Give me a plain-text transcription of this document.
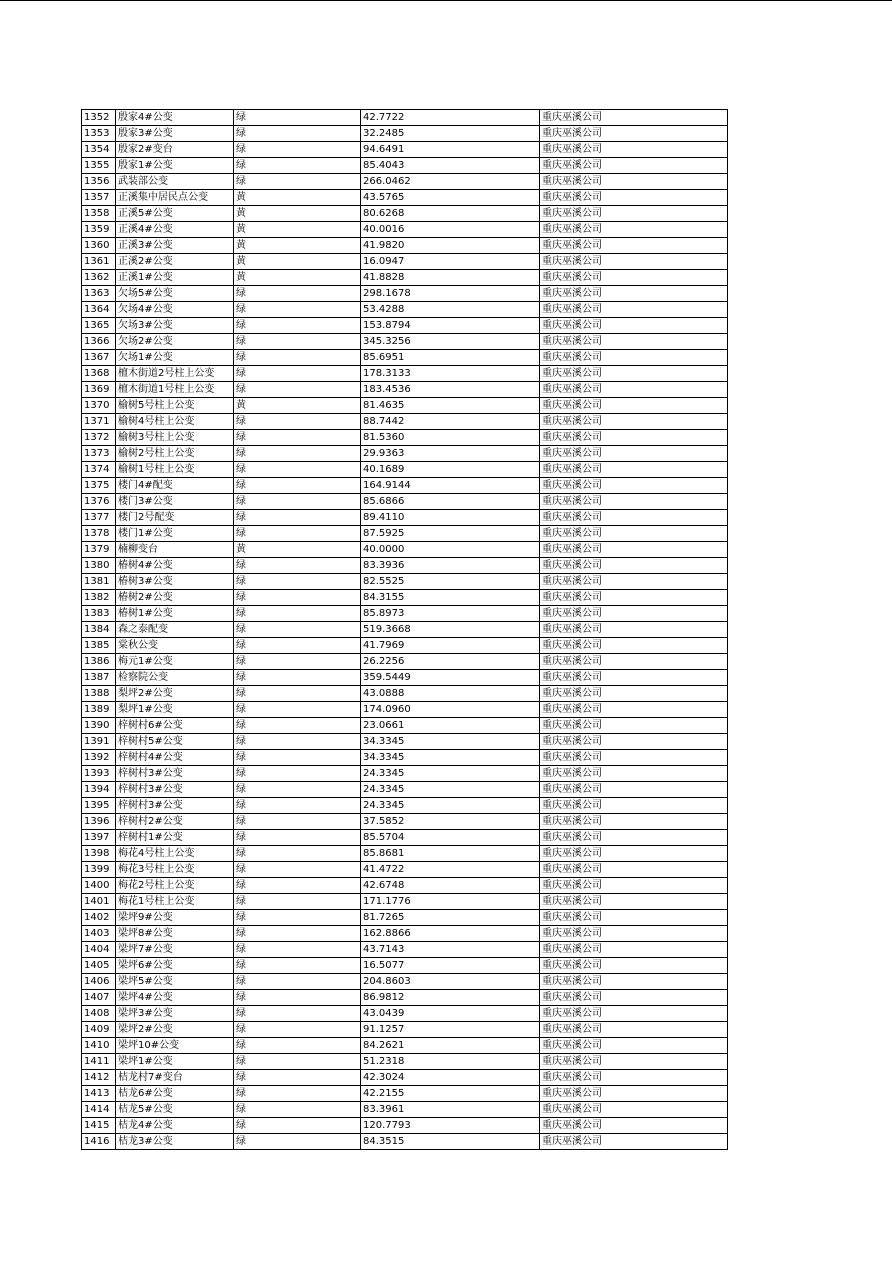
1352	殷家4#公变	绿	42.7722	重庆巫溪公司
1353	殷家3#公变	绿	32.2485	重庆巫溪公司
1354	殷家2#变台	绿	94.6491	重庆巫溪公司
1355	殷家1#公变	绿	85.4043	重庆巫溪公司
1356	武装部公变	绿	266.0462	重庆巫溪公司
1357	正溪集中居民点公变	黄	43.5765	重庆巫溪公司
1358	正溪5#公变	黄	80.6268	重庆巫溪公司
1359	正溪4#公变	黄	40.0016	重庆巫溪公司
1360	正溪3#公变	黄	41.9820	重庆巫溪公司
1361	正溪2#公变	黄	16.0947	重庆巫溪公司
1362	正溪1#公变	黄	41.8828	重庆巫溪公司
1363	欠场5#公变	绿	298.1678	重庆巫溪公司
1364	欠场4#公变	绿	53.4288	重庆巫溪公司
1365	欠场3#公变	绿	153.8794	重庆巫溪公司
1366	欠场2#公变	绿	345.3256	重庆巫溪公司
1367	欠场1#公变	绿	85.6951	重庆巫溪公司
1368	檀木街道2号柱上公变	绿	178.3133	重庆巫溪公司
1369	檀木街道1号柱上公变	绿	183.4536	重庆巫溪公司
1370	榆树5号柱上公变	黄	81.4635	重庆巫溪公司
1371	榆树4号柱上公变	绿	88.7442	重庆巫溪公司
1372	榆树3号柱上公变	绿	81.5360	重庆巫溪公司
1373	榆树2号柱上公变	绿	29.9363	重庆巫溪公司
1374	榆树1号柱上公变	绿	40.1689	重庆巫溪公司
1375	楼门4#配变	绿	164.9144	重庆巫溪公司
1376	楼门3#公变	绿	85.6866	重庆巫溪公司
1377	楼门2号配变	绿	89.4110	重庆巫溪公司
1378	楼门1#公变	绿	87.5925	重庆巫溪公司
1379	楠柳变台	黄	40.0000	重庆巫溪公司
1380	椿树4#公变	绿	83.3936	重庆巫溪公司
1381	椿树3#公变	绿	82.5525	重庆巫溪公司
1382	椿树2#公变	绿	84.3155	重庆巫溪公司
1383	椿树1#公变	绿	85.8973	重庆巫溪公司
1384	森之泰配变	绿	519.3668	重庆巫溪公司
1385	棠秋公变	绿	41.7969	重庆巫溪公司
1386	梅元1#公变	绿	26.2256	重庆巫溪公司
1387	检察院公变	绿	359.5449	重庆巫溪公司
1388	梨坪2#公变	绿	43.0888	重庆巫溪公司
1389	梨坪1#公变	绿	174.0960	重庆巫溪公司
1390	梓树村6#公变	绿	23.0661	重庆巫溪公司
1391	梓树村5#公变	绿	34.3345	重庆巫溪公司
1392	梓树村4#公变	绿	34.3345	重庆巫溪公司
1393	梓树村3#公变	绿	24.3345	重庆巫溪公司
1394	梓树村3#公变	绿	24.3345	重庆巫溪公司
1395	梓树村3#公变	绿	24.3345	重庆巫溪公司
1396	梓树村2#公变	绿	37.5852	重庆巫溪公司
1397	梓树村1#公变	绿	85.5704	重庆巫溪公司
1398	梅花4号柱上公变	绿	85.8681	重庆巫溪公司
1399	梅花3号柱上公变	绿	41.4722	重庆巫溪公司
1400	梅花2号柱上公变	绿	42.6748	重庆巫溪公司
1401	梅花1号柱上公变	绿	171.1776	重庆巫溪公司
1402	梁坪9#公变	绿	81.7265	重庆巫溪公司
1403	梁坪8#公变	绿	162.8866	重庆巫溪公司
1404	梁坪7#公变	绿	43.7143	重庆巫溪公司
1405	梁坪6#公变	绿	16.5077	重庆巫溪公司
1406	梁坪5#公变	绿	204.8603	重庆巫溪公司
1407	梁坪4#公变	绿	86.9812	重庆巫溪公司
1408	梁坪3#公变	绿	43.0439	重庆巫溪公司
1409	梁坪2#公变	绿	91.1257	重庆巫溪公司
1410	梁坪10#公变	绿	84.2621	重庆巫溪公司
1411	梁坪1#公变	绿	51.2318	重庆巫溪公司
1412	桔龙村7#变台	绿	42.3024	重庆巫溪公司
1413	桔龙6#公变	绿	42.2155	重庆巫溪公司
1414	桔龙5#公变	绿	83.3961	重庆巫溪公司
1415	桔龙4#公变	绿	120.7793	重庆巫溪公司
1416	桔龙3#公变	绿	84.3515	重庆巫溪公司
